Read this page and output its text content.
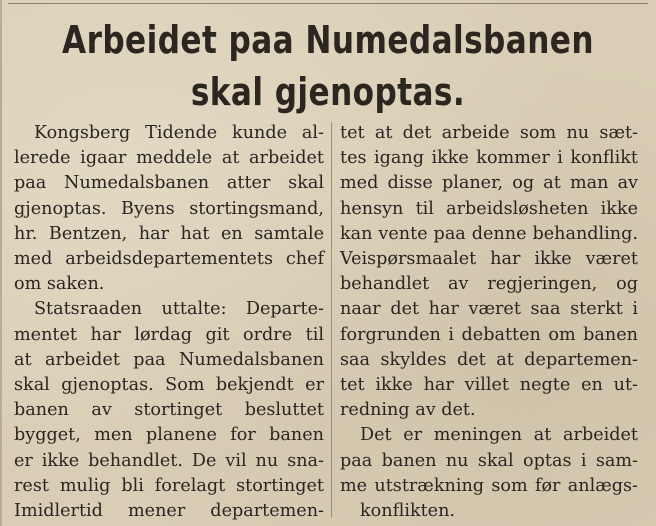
Arbeidet paa Numedalsbanen
skal gjenoptas.
Kongsberg Tidende kunde al-
lerede igaar meddele at arbeidet
paa Numedalsbanen atter skal
gjenoptas. Byens stortingsmand,
hr. Bentzen, har hat en samtale
med arbeidsdepartementets chef
om saken.
Statsraaden uttalte: Departe-
mentet har lørdag git ordre til
at arbeidet paa Numedalsbanen
skal gjenoptas. Som bekjendt er
banen av stortinget besluttet
bygget, men planene for banen
er ikke behandlet. De vil nu sna-
rest mulig bli forelagt stortinget
Imidlertid mener departemen-
tet at det arbeide som nu sæt-
tes igang ikke kommer i konflikt
med disse planer, og at man av
hensyn til arbeidsløsheten ikke
kan vente paa denne behandling.
Veispørsmaalet har ikke været
behandlet av regjeringen, og
naar det har været saa sterkt i
forgrunden i debatten om banen
saa skyldes det at departemen-
tet ikke har villet negte en ut-
redning av det.
Det er meningen at arbeidet
paa banen nu skal optas i sam-
me utstrækning som før anlægs-
konflikten.
